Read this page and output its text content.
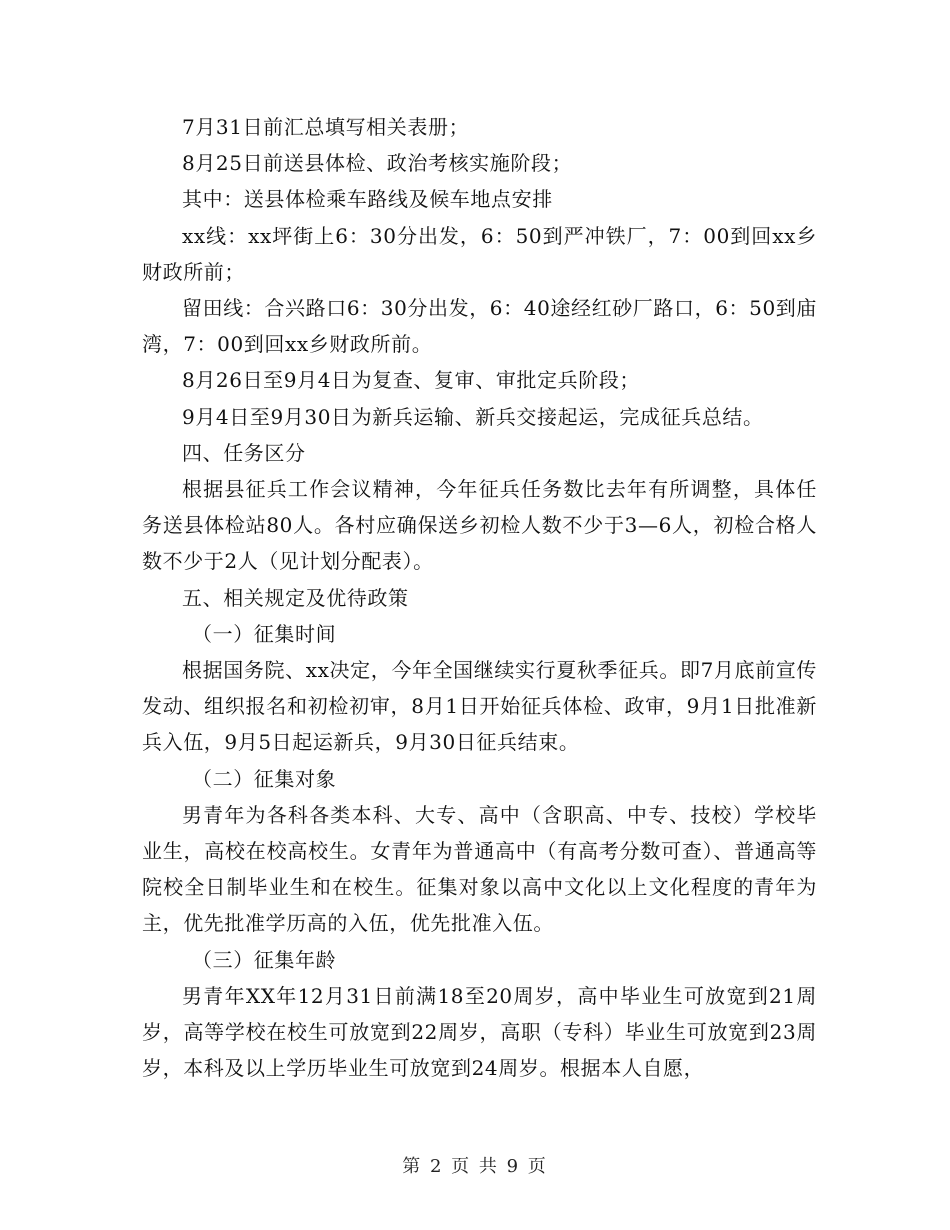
7月31日前汇总填写相关表册；

8月25日前送县体检、政治考核实施阶段；

其中：送县体检乘车路线及候车地点安排

xx线：xx坪街上6：30分出发，6：50到严冲铁厂，7：00到回xx乡财政所前；

留田线：合兴路口6：30分出发，6：40途经红砂厂路口，6：50到庙湾，7：00到回xx乡财政所前。

8月26日至9月4日为复查、复审、审批定兵阶段；

9月4日至9月30日为新兵运输、新兵交接起运，完成征兵总结。

四、任务区分

根据县征兵工作会议精神，今年征兵任务数比去年有所调整，具体任务送县体检站80人。各村应确保送乡初检人数不少于3—6人，初检合格人数不少于2人（见计划分配表）。

五、相关规定及优待政策

（一）征集时间

根据国务院、xx决定，今年全国继续实行夏秋季征兵。即7月底前宣传发动、组织报名和初检初审，8月1日开始征兵体检、政审，9月1日批准新兵入伍，9月5日起运新兵，9月30日征兵结束。

（二）征集对象

男青年为各科各类本科、大专、高中（含职高、中专、技校）学校毕业生，高校在校高校生。女青年为普通高中（有高考分数可查）、普通高等院校全日制毕业生和在校生。征集对象以高中文化以上文化程度的青年为主，优先批准学历高的入伍，优先批准入伍。

（三）征集年龄

男青年XX年12月31日前满18至20周岁，高中毕业生可放宽到21周岁，高等学校在校生可放宽到22周岁，高职（专科）毕业生可放宽到23周岁，本科及以上学历毕业生可放宽到24周岁。根据本人自愿，

第 2 页 共 9 页
